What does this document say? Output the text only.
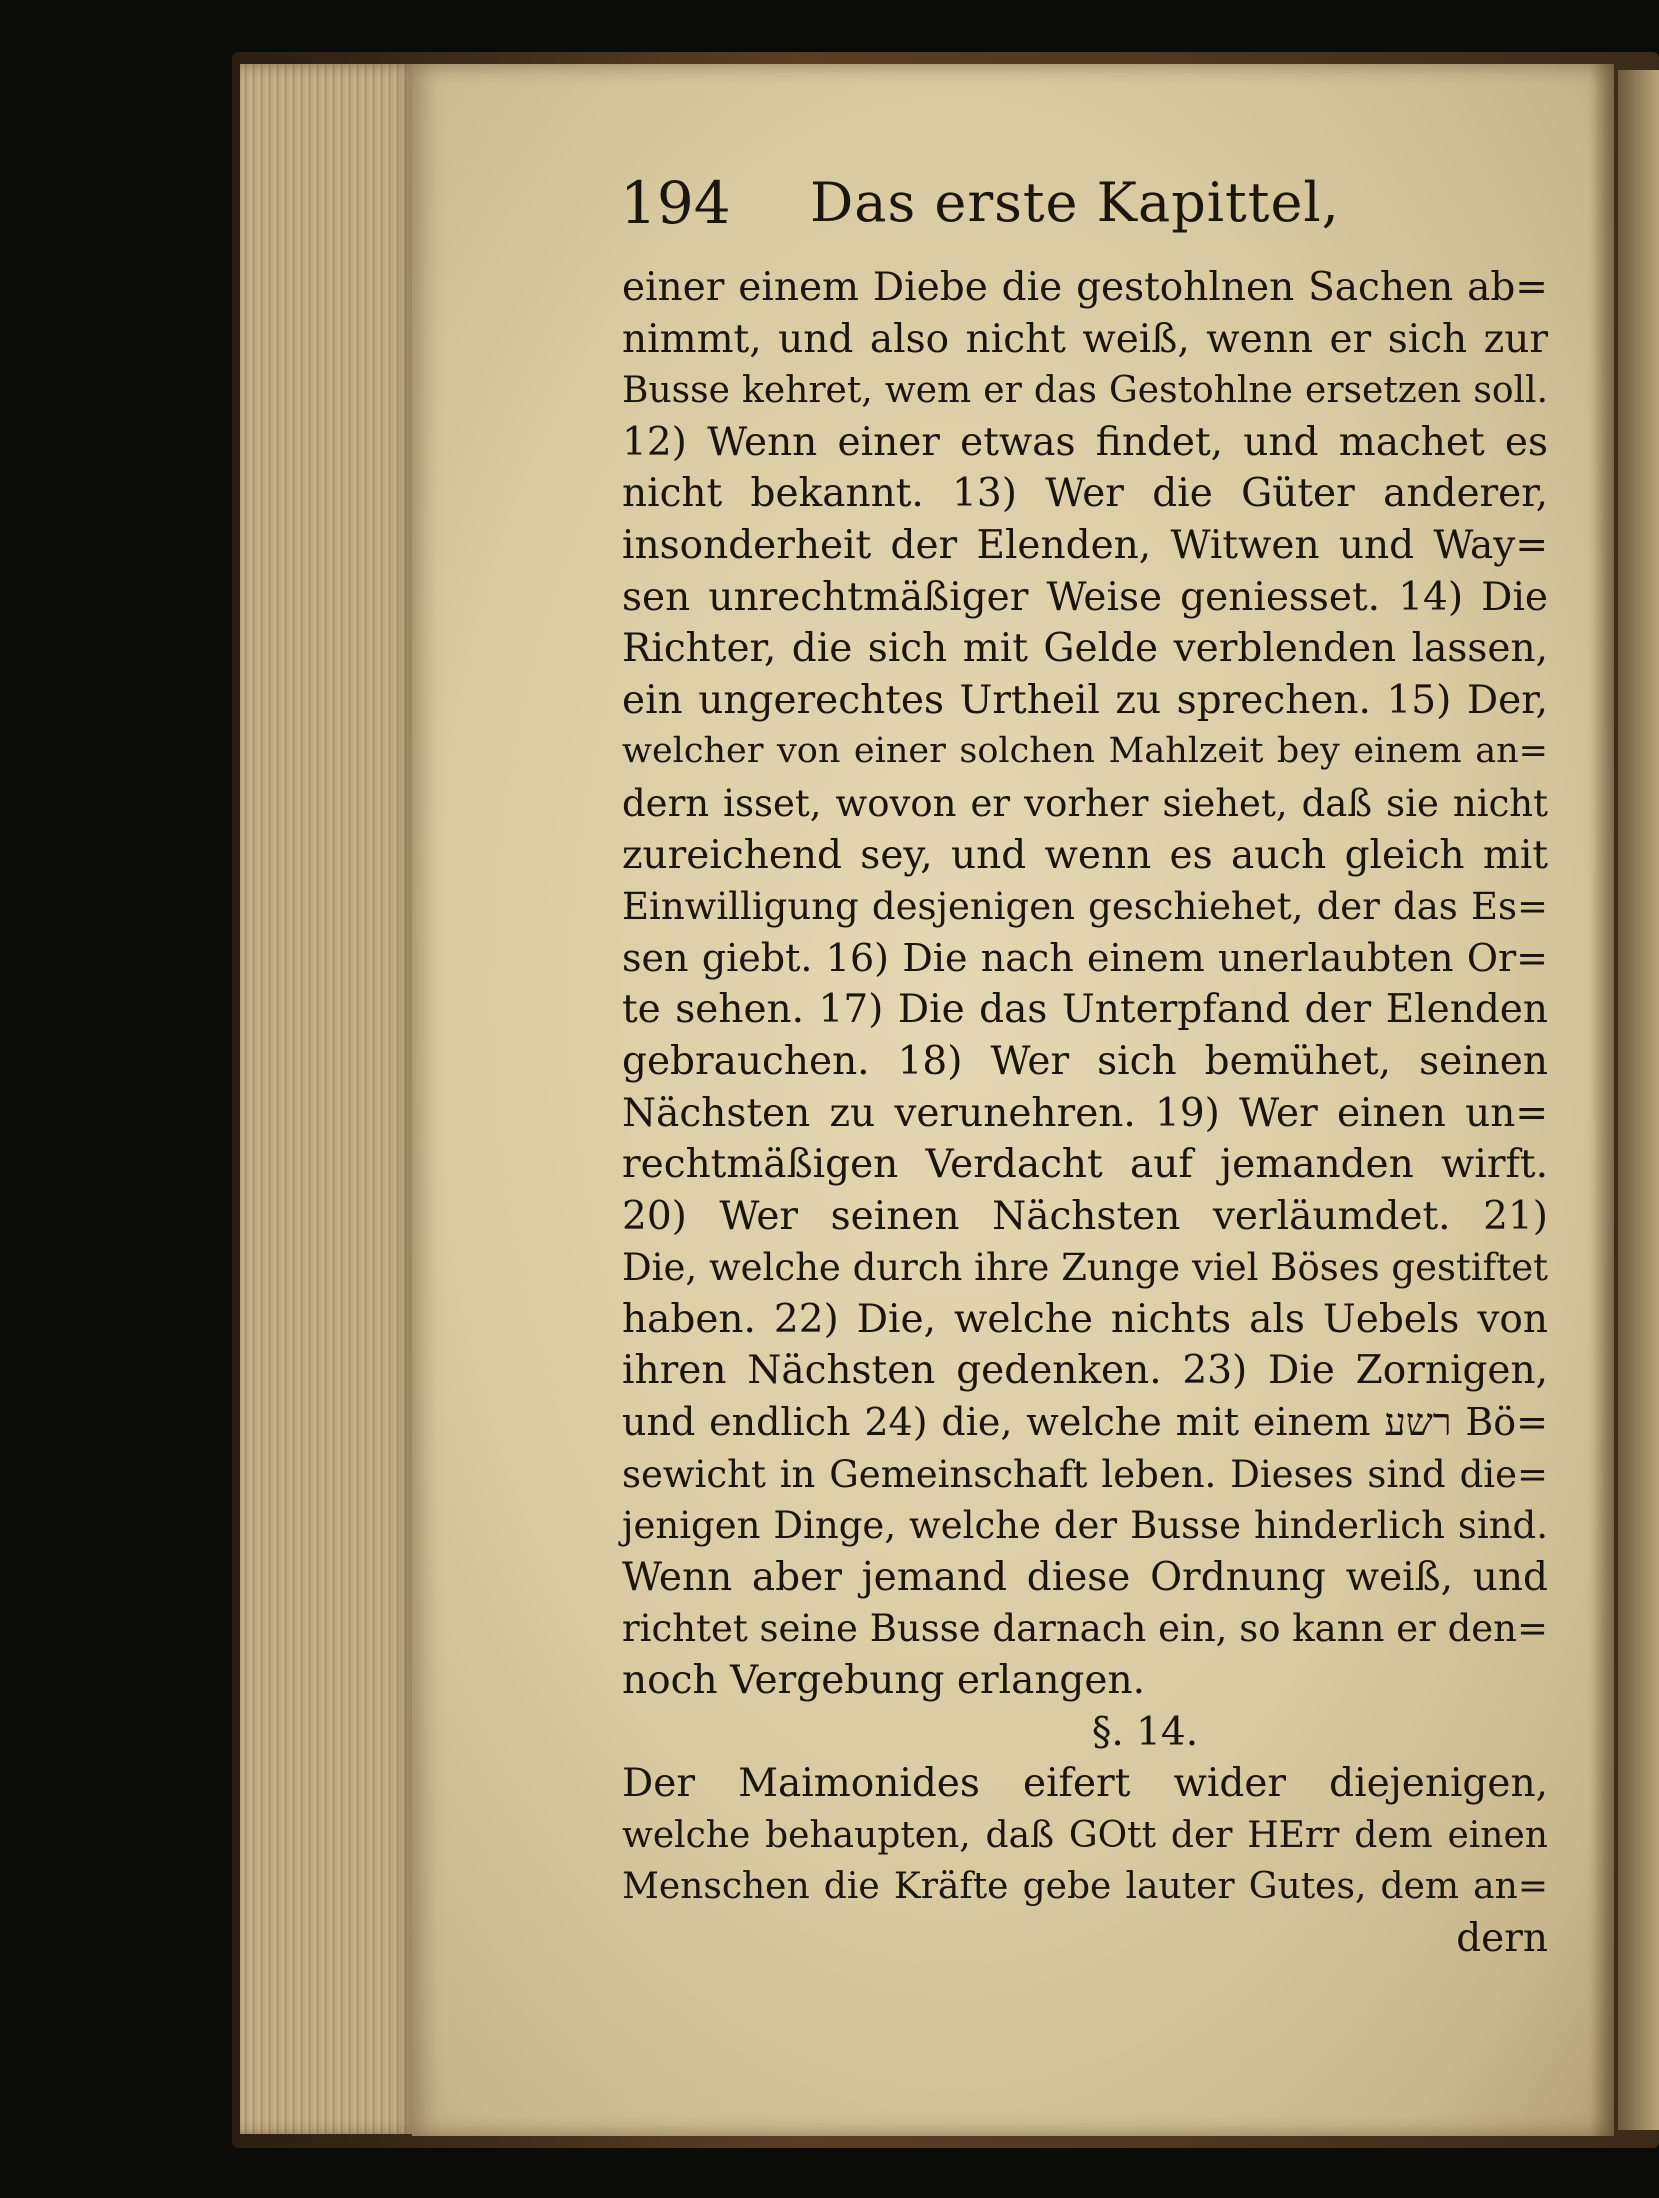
194 Das erste Kapittel,
einer einem Diebe die gestohlnen Sachen ab=
nimmt, und also nicht weiß, wenn er sich zur
Busse kehret, wem er das Gestohlne ersetzen soll.
12) Wenn einer etwas findet, und machet es
nicht bekannt. 13) Wer die Güter anderer,
insonderheit der Elenden, Witwen und Way=
sen unrechtmäßiger Weise geniesset. 14) Die
Richter, die sich mit Gelde verblenden lassen,
ein ungerechtes Urtheil zu sprechen. 15) Der,
welcher von einer solchen Mahlzeit bey einem an=
dern isset, wovon er vorher siehet, daß sie nicht
zureichend sey, und wenn es auch gleich mit
Einwilligung desjenigen geschiehet, der das Es=
sen giebt. 16) Die nach einem unerlaubten Or=
te sehen. 17) Die das Unterpfand der Elenden
gebrauchen. 18) Wer sich bemühet, seinen
Nächsten zu verunehren. 19) Wer einen un=
rechtmäßigen Verdacht auf jemanden wirft.
20) Wer seinen Nächsten verläumdet. 21)
Die, welche durch ihre Zunge viel Böses gestiftet
haben. 22) Die, welche nichts als Uebels von
ihren Nächsten gedenken. 23) Die Zornigen,
und endlich 24) die, welche mit einem רשע Bö=
sewicht in Gemeinschaft leben. Dieses sind die=
jenigen Dinge, welche der Busse hinderlich sind.
Wenn aber jemand diese Ordnung weiß, und
richtet seine Busse darnach ein, so kann er den=
noch Vergebung erlangen.
§. 14.
Der Maimonides eifert wider diejenigen,
welche behaupten, daß GOtt der HErr dem einen
Menschen die Kräfte gebe lauter Gutes, dem an=
dern
